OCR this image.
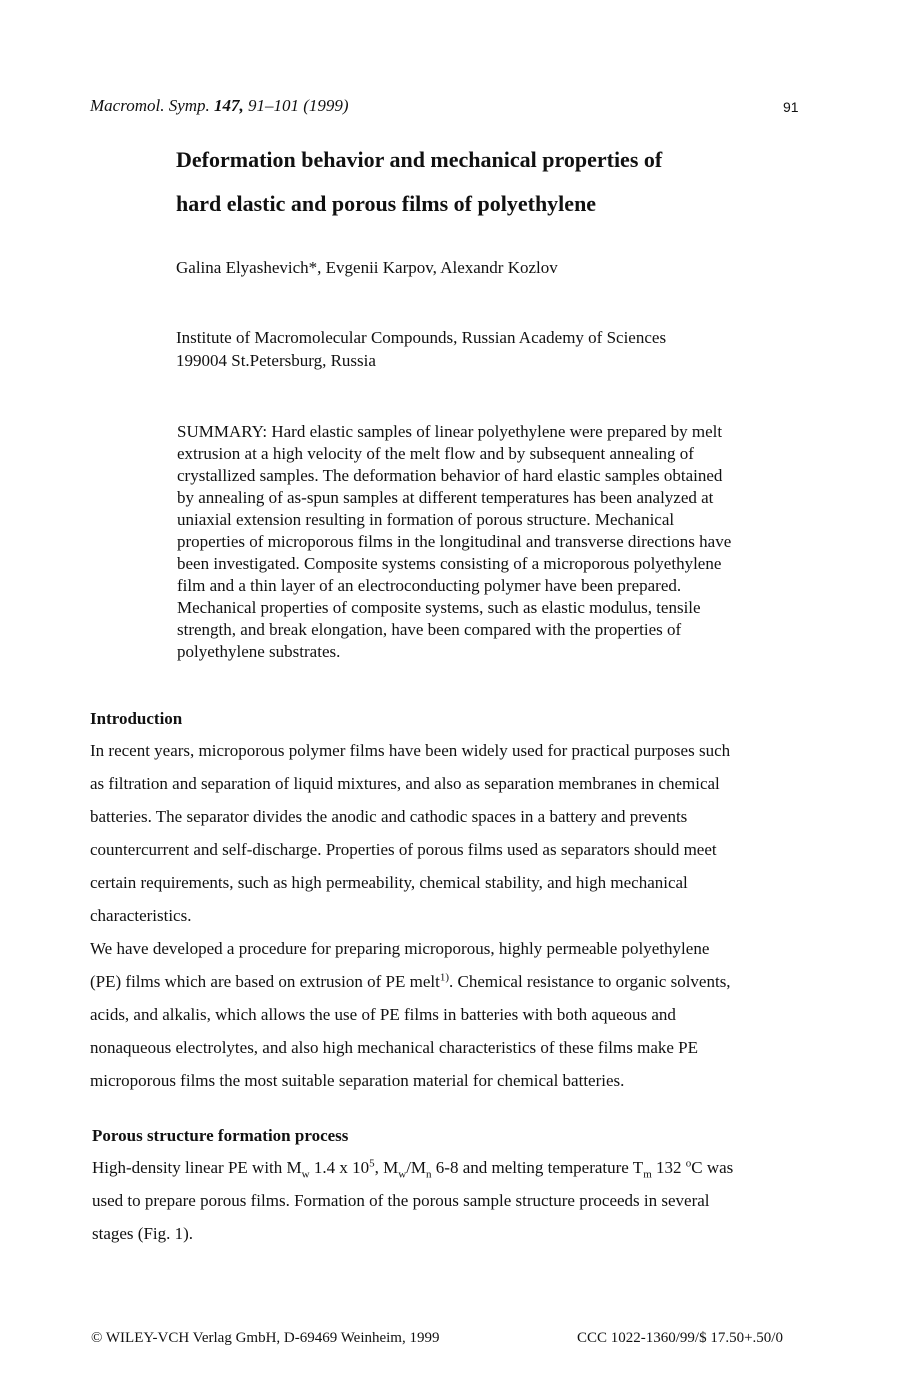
Macromol. Symp. 147, 91–101 (1999)	91
Deformation behavior and mechanical properties of
hard elastic and porous films of polyethylene
Galina Elyashevich*, Evgenii Karpov, Alexandr Kozlov
Institute of Macromolecular Compounds, Russian Academy of Sciences
199004 St.Petersburg, Russia
SUMMARY: Hard elastic samples of linear polyethylene were prepared by melt
extrusion at a high velocity of the melt flow and by subsequent annealing of
crystallized samples. The deformation behavior of hard elastic samples obtained
by annealing of as-spun samples at different temperatures has been analyzed at
uniaxial extension resulting in formation of porous structure. Mechanical
properties of microporous films in the longitudinal and transverse directions have
been investigated. Composite systems consisting of a microporous polyethylene
film and a thin layer of an electroconducting polymer have been prepared.
Mechanical properties of composite systems, such as elastic modulus, tensile
strength, and break elongation, have been compared with the properties of
polyethylene substrates.
Introduction
In recent years, microporous polymer films have been widely used for practical purposes such
as filtration and separation of liquid mixtures, and also as separation membranes in chemical
batteries. The separator divides the anodic and cathodic spaces in a battery and prevents
countercurrent and self-discharge. Properties of porous films used as separators should meet
certain requirements, such as high permeability, chemical stability, and high mechanical
characteristics.
We have developed a procedure for preparing microporous, highly permeable polyethylene
(PE) films which are based on extrusion of PE melt$^{1)}$. Chemical resistance to organic solvents,
acids, and alkalis, which allows the use of PE films in batteries with both aqueous and
nonaqueous electrolytes, and also high mechanical characteristics of these films make PE
microporous films the most suitable separation material for chemical batteries.
Porous structure formation process
High-density linear PE with $M_w$ 1.4 x $10^5$, $M_w/M_n$ 6-8 and melting temperature $T_m$ 132 $^o$C was
used to prepare porous films. Formation of the porous sample structure proceeds in several
stages (Fig. 1).
© WILEY-VCH Verlag GmbH, D-69469 Weinheim, 1999	CCC 1022-1360/99/$ 17.50+.50/0
